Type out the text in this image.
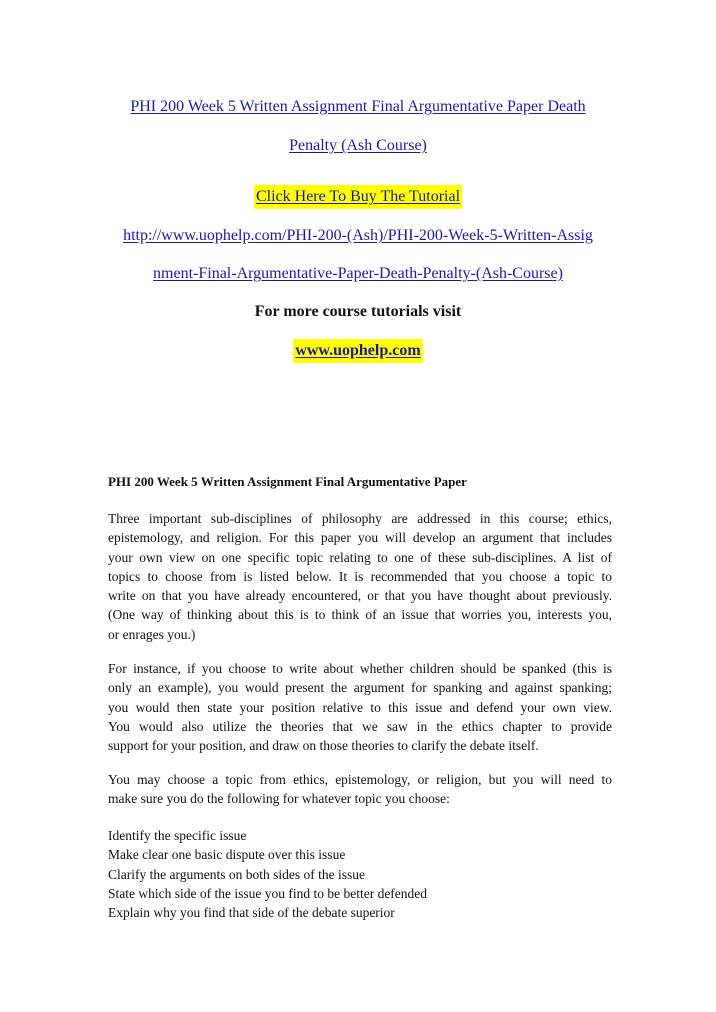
PHI 200 Week 5 Written Assignment Final Argumentative Paper Death
Penalty (Ash Course)
Click Here To Buy The Tutorial
http://www.uophelp.com/PHI-200-(Ash)/PHI-200-Week-5-Written-Assig
nment-Final-Argumentative-Paper-Death-Penalty-(Ash-Course)
For more course tutorials visit
www.uophelp.com
PHI 200 Week 5 Written Assignment Final Argumentative Paper
Three important sub-disciplines of philosophy are addressed in this course; ethics,
epistemology, and religion. For this paper you will develop an argument that includes
your own view on one specific topic relating to one of these sub-disciplines. A list of
topics to choose from is listed below. It is recommended that you choose a topic to
write on that you have already encountered, or that you have thought about previously.
(One way of thinking about this is to think of an issue that worries you, interests you,
or enrages you.)
For instance, if you choose to write about whether children should be spanked (this is
only an example), you would present the argument for spanking and against spanking;
you would then state your position relative to this issue and defend your own view.
You would also utilize the theories that we saw in the ethics chapter to provide
support for your position, and draw on those theories to clarify the debate itself.
You may choose a topic from ethics, epistemology, or religion, but you will need to
make sure you do the following for whatever topic you choose:
Identify the specific issue
Make clear one basic dispute over this issue
Clarify the arguments on both sides of the issue
State which side of the issue you find to be better defended
Explain why you find that side of the debate superior
